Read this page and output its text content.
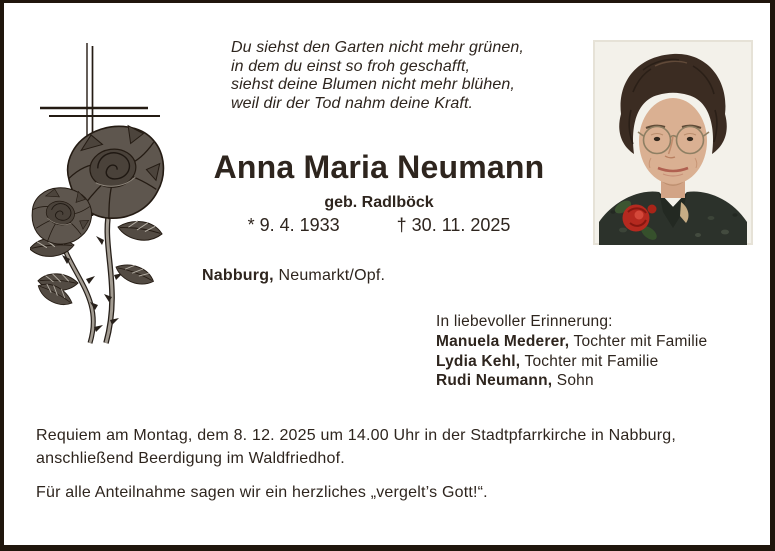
Du siehst den Garten nicht mehr grünen,
in dem du einst so froh geschafft,
siehst deine Blumen nicht mehr blühen,
weil dir der Tod nahm deine Kraft.
Anna Maria Neumann
geb. Radlböck
* 9. 4. 1933	† 30. 11. 2025
Nabburg, Neumarkt/Opf.
In liebevoller Erinnerung:
Manuela Mederer, Tochter mit Familie
Lydia Kehl, Tochter mit Familie
Rudi Neumann, Sohn
Requiem am Montag, dem 8. 12. 2025 um 14.00 Uhr in der Stadtpfarrkirche in Nabburg,
anschließend Beerdigung im Waldfriedhof.
Für alle Anteilnahme sagen wir ein herzliches „vergelt’s Gott!“.
